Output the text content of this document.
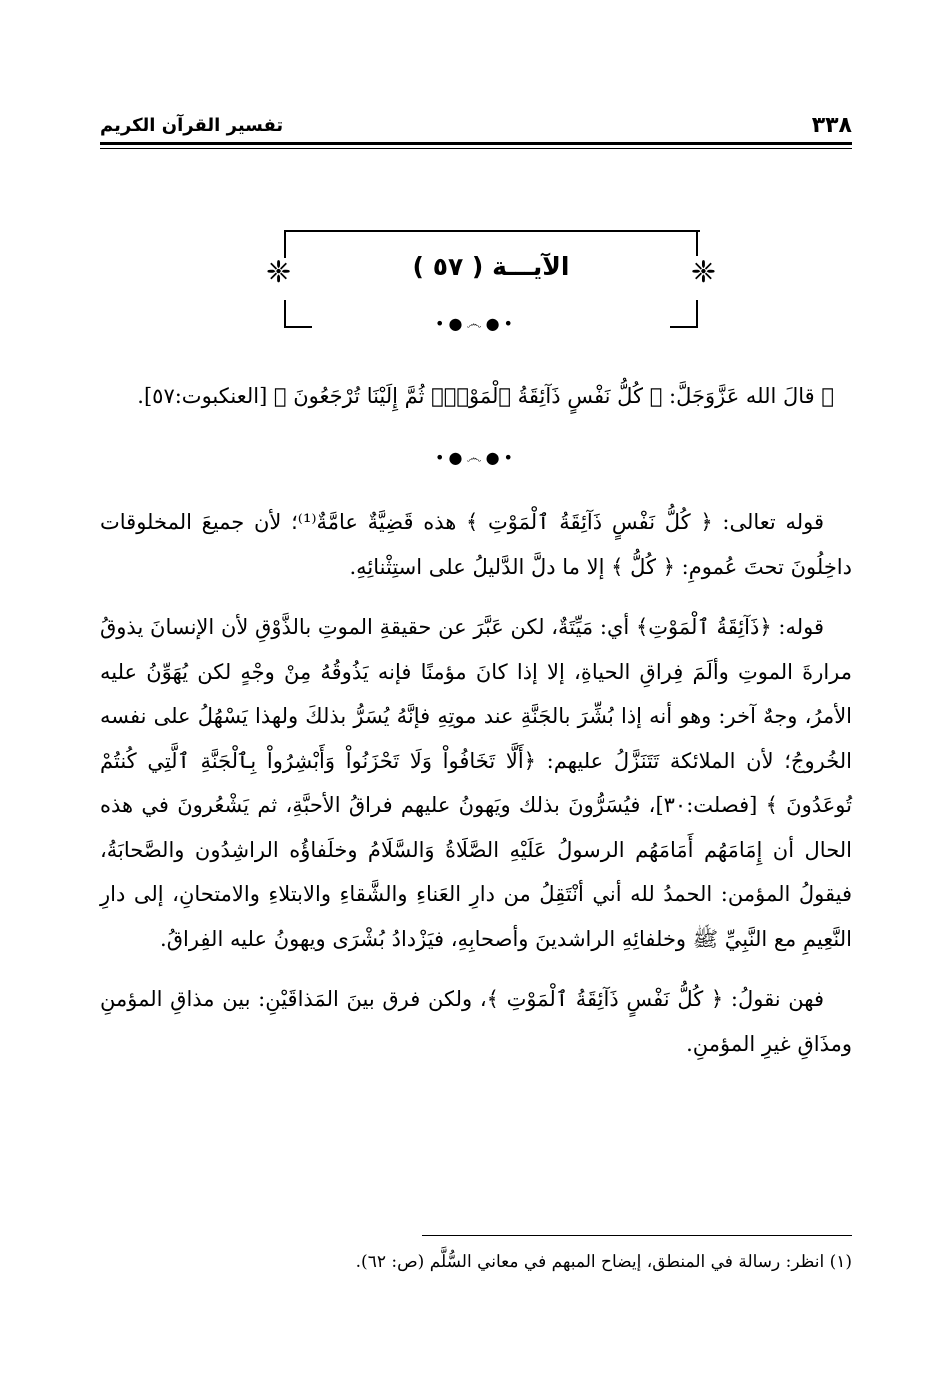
٣٣٨
تفسير القرآن الكريم
❈
❈	الآيـــة ( ٥٧ )
•●෴●•
۞ قالَ الله عَزَّوَجَلَّ: ﴿ كُلُّ نَفْسٍ ذَآئِقَةُ ٱلْمَوْتِۖ ثُمَّ إِلَيْنَا تُرْجَعُونَ ﴾ [العنكبوت:٥٧].
•●෴●•

قوله تعالى: ﴿ كُلُّ نَفْسٍ ذَآئِقَةُ ٱلْمَوْتِ ﴾ هذه قَضِيَّةٌ عامَّةٌ⁽¹⁾؛ لأن جميعَ المخلوقات داخِلُونَ تحتَ عُمومِ: ﴿ كُلُّ ﴾ إلا ما دلَّ الدَّليلُ على استِثْنائِهِ.

قوله: ﴿ذَآئِقَةُ ٱلْمَوْتِ﴾ أي: مَيِّتَةٌ، لكن عَبَّرَ عن حقيقةِ الموتِ بالذَّوْقِ لأن الإنسانَ يذوقُ مرارةَ الموتِ وألَمَ فِراقِ الحياةِ، إلا إذا كانَ مؤمنًا فإنه يَذُوقُهُ مِنْ وجْهٍ لكن يُهَوِّنُ عليه الأمرُ، وجهٌ آخر: وهو أنه إذا بُشِّرَ بالجَنَّةِ عند موتِهِ فإنَّهُ يُسَرُّ بذلكَ ولهذا يَسْهُلُ على نفسه الخُروجُ؛ لأن الملائكة تَتَنَزَّلُ عليهم: ﴿أَلَّا تَخَافُواْ وَلَا تَحْزَنُواْ وَأَبْشِرُواْ بِٱلْجَنَّةِ ٱلَّتِي كُنتُمْ تُوعَدُونَ ﴾ [فصلت:٣٠]، فيُسَرُّونَ بذلك ويَهونُ عليهم فراقُ الأحبَّةِ، ثم يَشْعُرونَ في هذه الحال أن إِمَامَهُم أَمَامَهُم الرسولُ عَلَيْهِ الصَّلَاةُ وَالسَّلَامُ وخلَفاؤُه الراشِدُون والصَّحابَةُ، فيقولُ المؤمن: الحمدُ لله أني أنْتَقِلُ من دارِ العَناءِ والشَّقاءِ والابتلاءِ والامتحانِ، إلى دارِ النَّعِيمِ مع النَّبِيِّ ﷺ وخلفائِهِ الراشدينَ وأصحابِهِ، فيَزْدادُ بُشْرَى ويهونُ عليه الفِراقُ.

فهن نقولُ: ﴿ كُلُّ نَفْسٍ ذَآئِقَةُ ٱلْمَوْتِ ﴾، ولكن فرق بينَ المَذاقَيْنِ: بين مذاقِ المؤمنِ ومذَاقِ غيرِ المؤمنِ.

(١) انظر: رسالة في المنطق، إيضاح المبهم في معاني السُّلَّم (ص: ٦٢).
